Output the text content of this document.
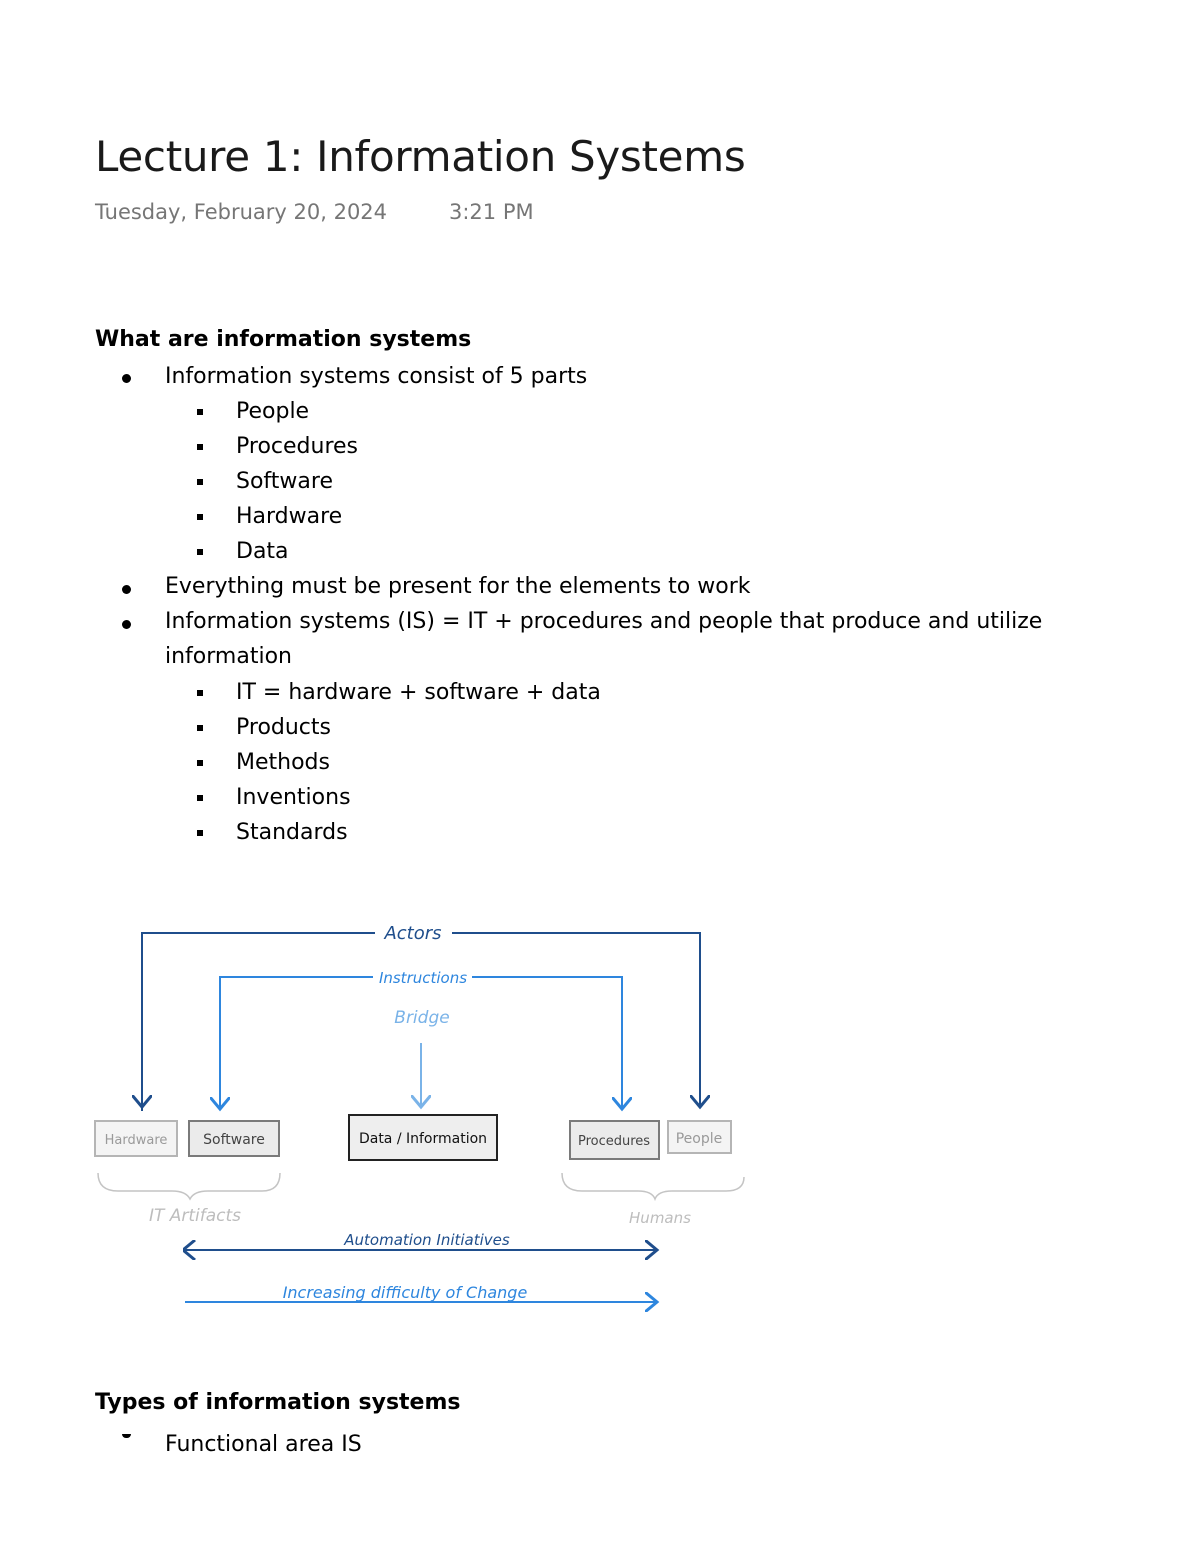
Lecture 1: Information Systems
Tuesday, February 20, 2024	3:21 PM
What are information systems
Information systems consist of 5 parts
People
Procedures
Software
Hardware
Data
Everything must be present for the elements to work
Information systems (IS) = IT + procedures and people that produce and utilize
information
IT = hardware + software + data
Products
Methods
Inventions
Standards
Actors
Instructions
Bridge
Hardware	Software	Data / Information	Procedures People
IT Artifacts	Humans
Automation Initiatives
Increasing difficulty of Change
Types of information systems
Functional area IS
